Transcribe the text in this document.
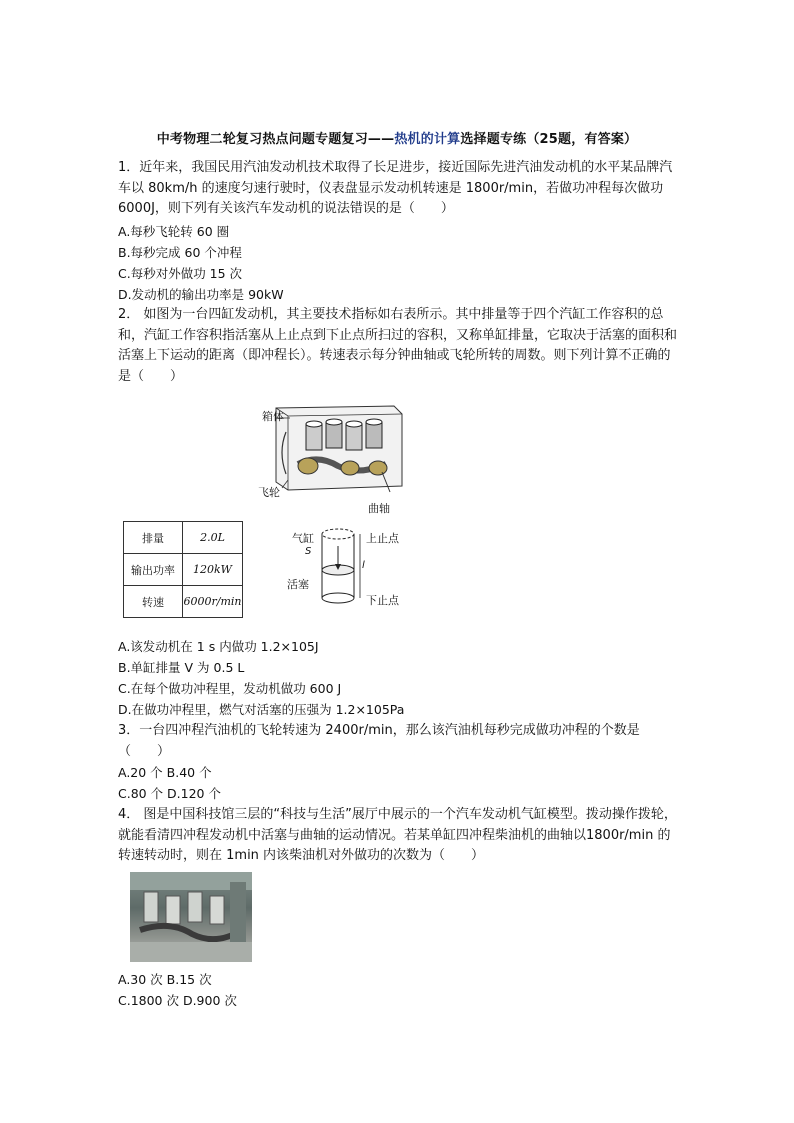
中考物理二轮复习热点问题专题复习——热机的计算选择题专练（25题，有答案）
1．近年来，我国民用汽油发动机技术取得了长足进步，接近国际先进汽油发动机的水平某品牌汽车以 80km/h 的速度匀速行驶时，仪表盘显示发动机转速是 1800r/min，若做功冲程每次做功 6000J，则下列有关该汽车发动机的说法错误的是（　　）
A.每秒飞轮转 60 圈
B.每秒完成 60 个冲程
C.每秒对外做功 15 次
D.发动机的输出功率是 90kW
2． 如图为一台四缸发动机，其主要技术指标如右表所示。其中排量等于四个汽缸工作容积的总和，汽缸工作容积指活塞从上止点到下止点所扫过的容积，又称单缸排量，它取决于活塞的面积和活塞上下运动的距离（即冲程长）。转速表示每分钟曲轴或飞轮所转的周数。则下列计算不正确的是（　　）
箱体
飞轮
曲轴
排量	2.0L
输出功率	120kW
转速	6000r/min
气缸
S
l
活塞
上止点
下止点
A.该发动机在 1 s 内做功 1.2×105J
B.单缸排量 V 为 0.5 L
C.在每个做功冲程里，发动机做功 600 J
D.在做功冲程里，燃气对活塞的压强为 1.2×105Pa
3．一台四冲程汽油机的飞轮转速为 2400r/min，那么该汽油机每秒完成做功冲程的个数是（　　）
A.20 个 B.40 个
C.80 个 D.120 个
4． 图是中国科技馆三层的“科技与生活”展厅中展示的一个汽车发动机气缸模型。拨动操作拨轮，就能看清四冲程发动机中活塞与曲轴的运动情况。若某单缸四冲程柴油机的曲轴以1800r/min 的转速转动时，则在 1min 内该柴油机对外做功的次数为（　　）
A.30 次 B.15 次
C.1800 次 D.900 次
